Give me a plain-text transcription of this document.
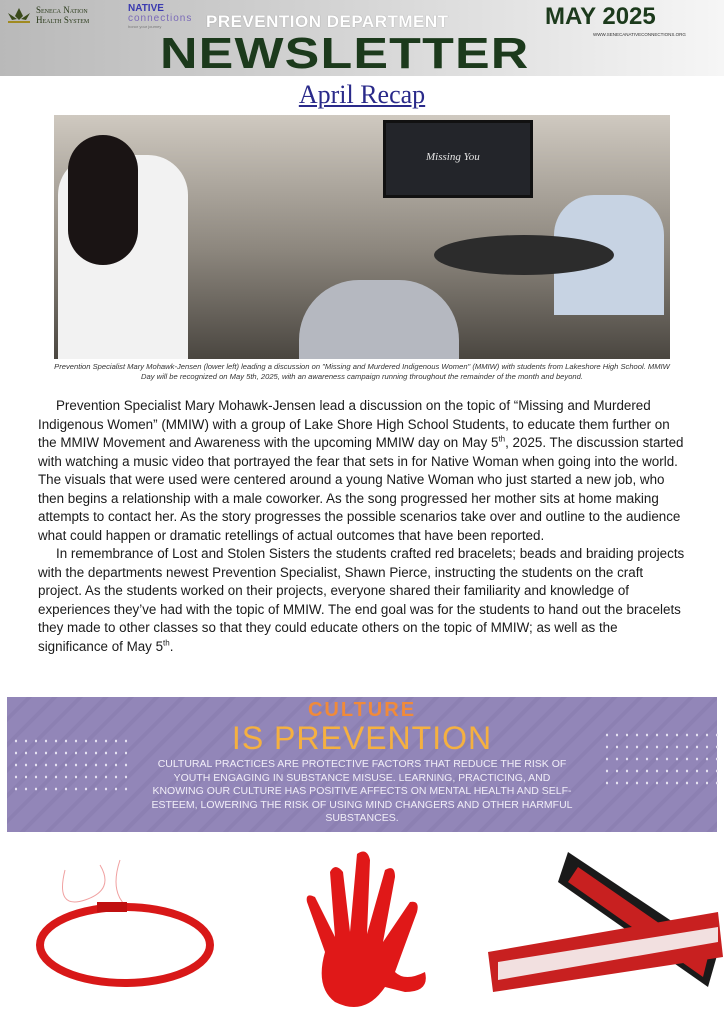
Seneca Nation
Health System
NATIVE
connections
honor your journey	PREVENTION DEPARTMENT
NEWSLETTER
MAY 2025
WWW.SENECANATIVECONNECTIONS.ORG
April Recap
Missing You
Prevention Specialist Mary Mohawk-Jensen (lower left) leading a discussion on "Missing and Murdered Indigenous Women" (MMIW) with students from Lakeshore High School. MMIW Day will be recognized on May 5th, 2025, with an awareness campaign running throughout the remainder of the month and beyond.

Prevention Specialist Mary Mohawk-Jensen lead a discussion on the topic of “Missing and Murdered Indigenous Women” (MMIW) with a group of Lake Shore High School Students, to educate them further on the MMIW Movement and Awareness with the upcoming MMIW day on May 5th, 2025. The discussion started with watching a music video that portrayed the fear that sets in for Native Woman when going into the world. The visuals that were used were centered around a young Native Woman who just started a new job, who then begins a relationship with a male coworker. As the song progressed her mother sits at home making attempts to contact her. As the story progresses the possible scenarios take over and outline to the audience what could happen or dramatic retellings of actual outcomes that have been reported.

In remembrance of Lost and Stolen Sisters the students crafted red bracelets; beads and braiding projects with the departments newest Prevention Specialist, Shawn Pierce, instructing the students on the craft project. As the students worked on their projects, everyone shared their familiarity and knowledge of experiences they’ve had with the topic of MMIW. The end goal was for the students to hand out the bracelets they made to other classes so that they could educate others on the topic of MMIW; as well as the significance of May 5th.

CULTURE
IS PREVENTION
CULTURAL PRACTICES ARE PROTECTIVE FACTORS THAT REDUCE THE RISK OF YOUTH ENGAGING IN SUBSTANCE MISUSE. LEARNING, PRACTICING, AND KNOWING OUR CULTURE HAS POSITIVE AFFECTS ON MENTAL HEALTH AND SELF-ESTEEM, LOWERING THE RISK OF USING MIND CHANGERS AND OTHER HARMFUL SUBSTANCES.
